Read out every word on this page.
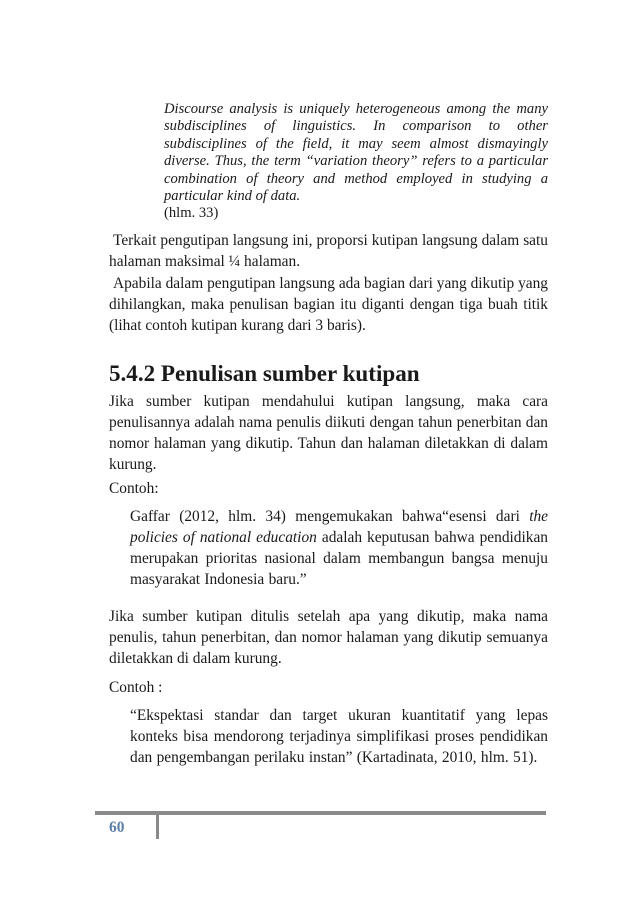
Discourse analysis is uniquely heterogeneous among the many subdisciplines of linguistics. In comparison to other subdisciplines of the field, it may seem almost dismayingly diverse. Thus, the term “variation theory” refers to a particular combination of theory and method employed in studying a particular kind of data.
(hlm. 33)

Terkait pengutipan langsung ini, proporsi kutipan langsung dalam satu halaman maksimal ¼ halaman.

Apabila dalam pengutipan langsung ada bagian dari yang dikutip yang dihilangkan, maka penulisan bagian itu diganti dengan tiga buah titik (lihat contoh kutipan kurang dari 3 baris).

5.4.2 Penulisan sumber kutipan

Jika sumber kutipan mendahului kutipan langsung, maka cara penulisannya adalah nama penulis diikuti dengan tahun penerbitan dan nomor halaman yang dikutip. Tahun dan halaman diletakkan di dalam kurung.

Contoh:

Gaffar (2012, hlm. 34) mengemukakan bahwa“esensi dari the policies of national education adalah keputusan bahwa pendidikan merupakan prioritas nasional dalam membangun bangsa menuju masyarakat Indonesia baru.”

Jika sumber kutipan ditulis setelah apa yang dikutip, maka nama penulis, tahun penerbitan, dan nomor halaman yang dikutip semuanya diletakkan di dalam kurung.

Contoh :

“Ekspektasi standar dan target ukuran kuantitatif yang lepas konteks bisa mendorong terjadinya simplifikasi proses pendidikan dan pengembangan perilaku instan” (Kartadinata, 2010, hlm. 51).

60
